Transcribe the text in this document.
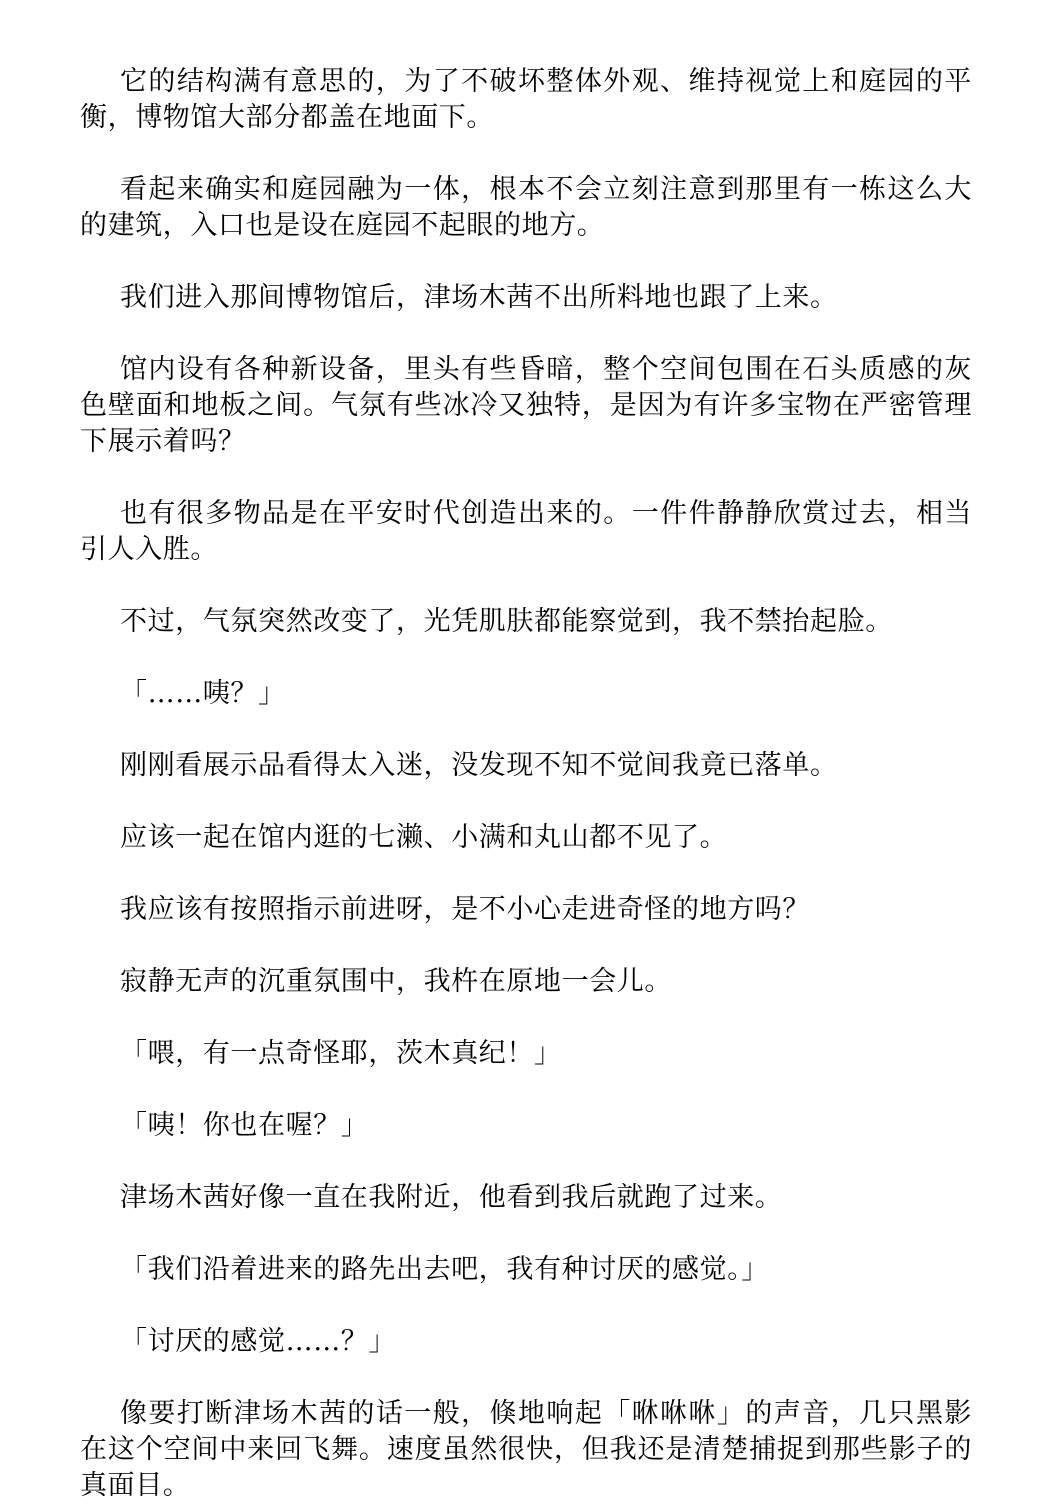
它的结构满有意思的，为了不破坏整体外观、维持视觉上和庭园的平衡，博物馆大部分都盖在地面下。

看起来确实和庭园融为一体，根本不会立刻注意到那里有一栋这么大的建筑，入口也是设在庭园不起眼的地方。

我们进入那间博物馆后，津场木茜不出所料地也跟了上来。

馆内设有各种新设备，里头有些昏暗，整个空间包围在石头质感的灰色壁面和地板之间。气氛有些冰冷又独特，是因为有许多宝物在严密管理下展示着吗？

也有很多物品是在平安时代创造出来的。一件件静静欣赏过去，相当引人入胜。

不过，气氛突然改变了，光凭肌肤都能察觉到，我不禁抬起脸。

「……咦？」

刚刚看展示品看得太入迷，没发现不知不觉间我竟已落单。

应该一起在馆内逛的七濑、小满和丸山都不见了。

我应该有按照指示前进呀，是不小心走进奇怪的地方吗？

寂静无声的沉重氛围中，我杵在原地一会儿。

「喂，有一点奇怪耶，茨木真纪！」

「咦！你也在喔？」

津场木茜好像一直在我附近，他看到我后就跑了过来。

「我们沿着进来的路先出去吧，我有种讨厌的感觉。」

「讨厌的感觉……？」

像要打断津场木茜的话一般，倏地响起「咻咻咻」的声音，几只黑影在这个空间中来回飞舞。速度虽然很快，但我还是清楚捕捉到那些影子的真面目。
